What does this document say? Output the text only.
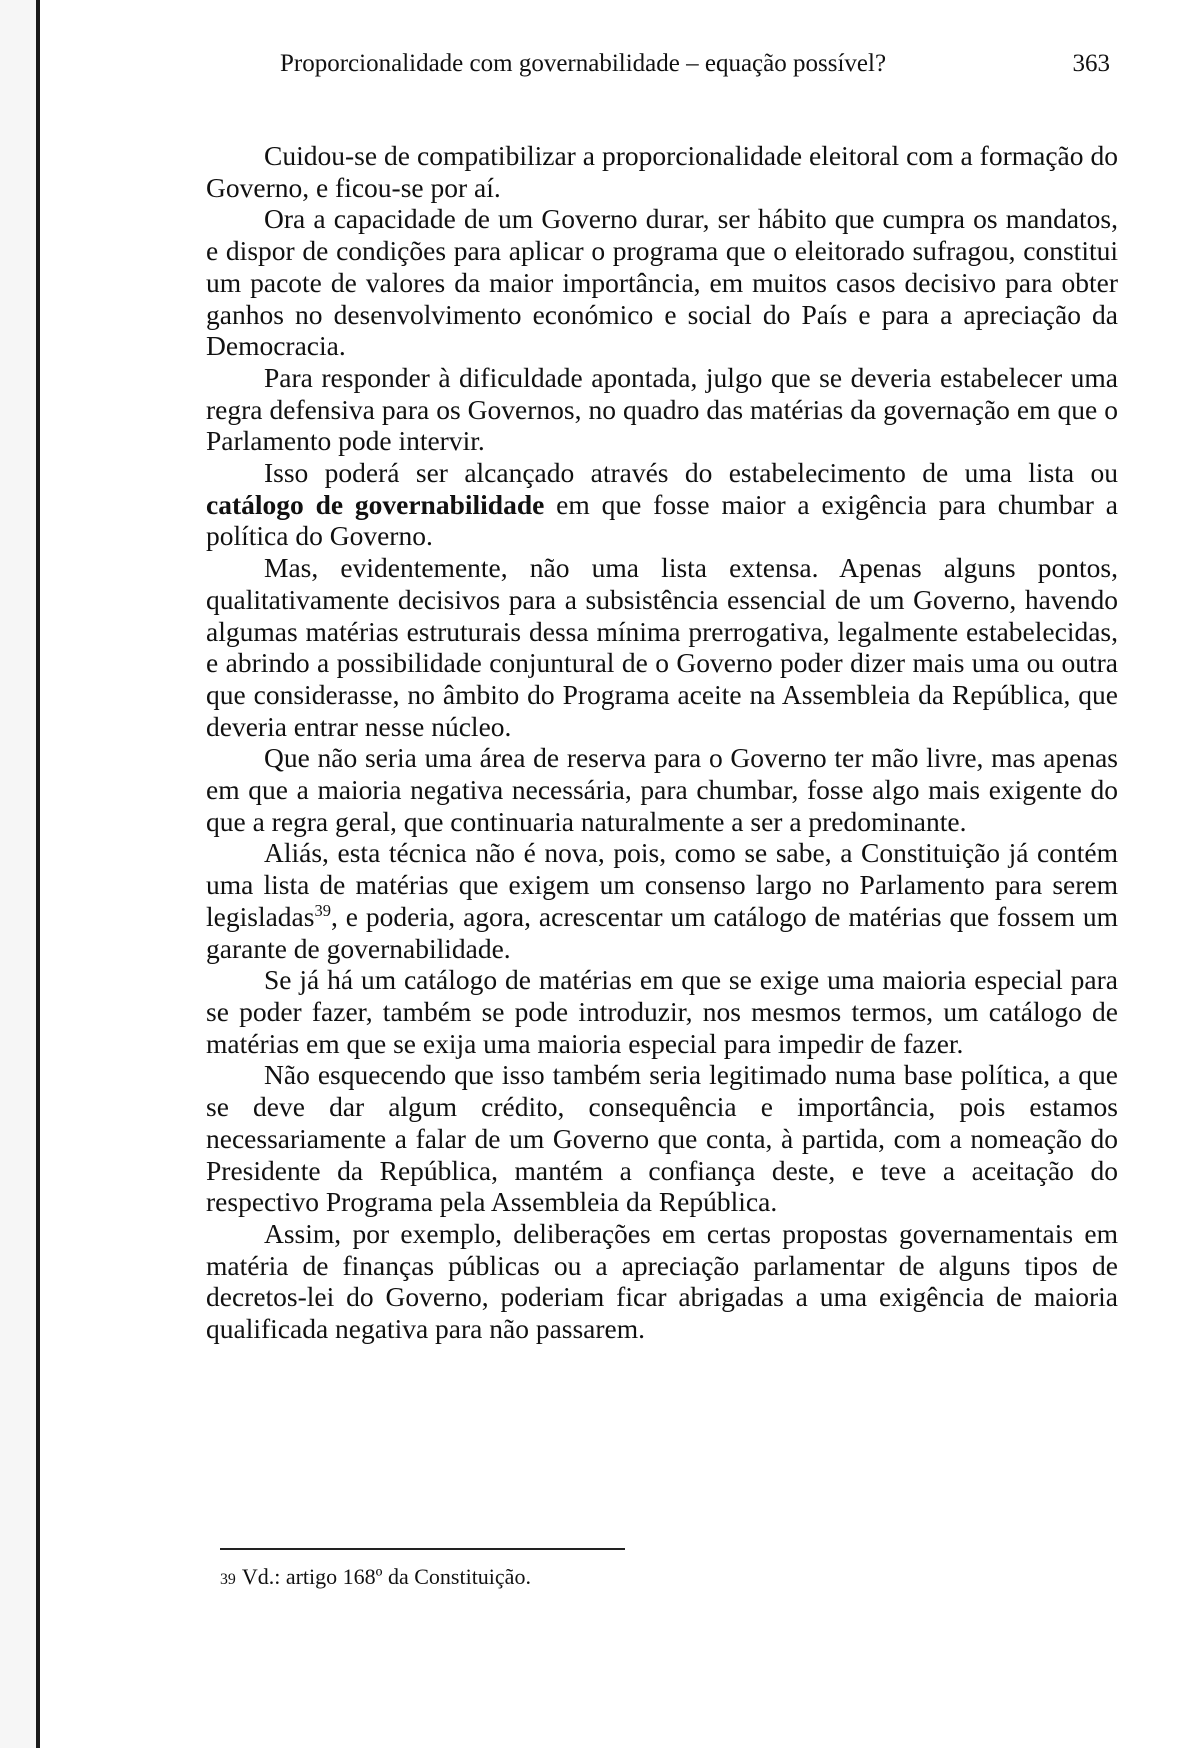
Proporcionalidade com governabilidade – equação possível?	363

Cuidou-se de compatibilizar a proporcionalidade eleitoral com a formação do Governo, e ficou-se por aí.

Ora a capacidade de um Governo durar, ser hábito que cumpra os mandatos, e dispor de condições para aplicar o programa que o eleitorado sufragou, constitui um pacote de valores da maior importância, em muitos casos decisivo para obter ganhos no desenvolvimento económico e social do País e para a apreciação da Democracia.

Para responder à dificuldade apontada, julgo que se deveria estabelecer uma regra defensiva para os Governos, no quadro das matérias da governação em que o Parlamento pode intervir.

Isso poderá ser alcançado através do estabelecimento de uma lista ou catálogo de governabilidade em que fosse maior a exigência para chumbar a política do Governo.

Mas, evidentemente, não uma lista extensa. Apenas alguns pontos, qualitativamente decisivos para a subsistência essencial de um Governo, havendo algumas matérias estruturais dessa mínima prerrogativa, legalmente estabelecidas, e abrindo a possibilidade conjuntural de o Governo poder dizer mais uma ou outra que considerasse, no âmbito do Programa aceite na Assembleia da República, que deveria entrar nesse núcleo.

Que não seria uma área de reserva para o Governo ter mão livre, mas apenas em que a maioria negativa necessária, para chumbar, fosse algo mais exigente do que a regra geral, que continuaria naturalmente a ser a predominante.

Aliás, esta técnica não é nova, pois, como se sabe, a Constituição já contém uma lista de matérias que exigem um consenso largo no Parlamento para serem legisladas$^{39}$, e poderia, agora, acrescentar um catálogo de matérias que fossem um garante de governabilidade.

Se já há um catálogo de matérias em que se exige uma maioria especial para se poder fazer, também se pode introduzir, nos mesmos termos, um catálogo de matérias em que se exija uma maioria especial para impedir de fazer.

Não esquecendo que isso também seria legitimado numa base política, a que se deve dar algum crédito, consequência e importância, pois estamos necessariamente a falar de um Governo que conta, à partida, com a nomeação do Presidente da República, mantém a confiança deste, e teve a aceitação do respectivo Programa pela Assembleia da República.

Assim, por exemplo, deliberações em certas propostas governamentais em matéria de finanças públicas ou a apreciação parlamentar de alguns tipos de decretos-lei do Governo, poderiam ficar abrigadas a uma exigência de maioria qualificada negativa para não passarem.

39 Vd.: artigo 168º da Constituição.
